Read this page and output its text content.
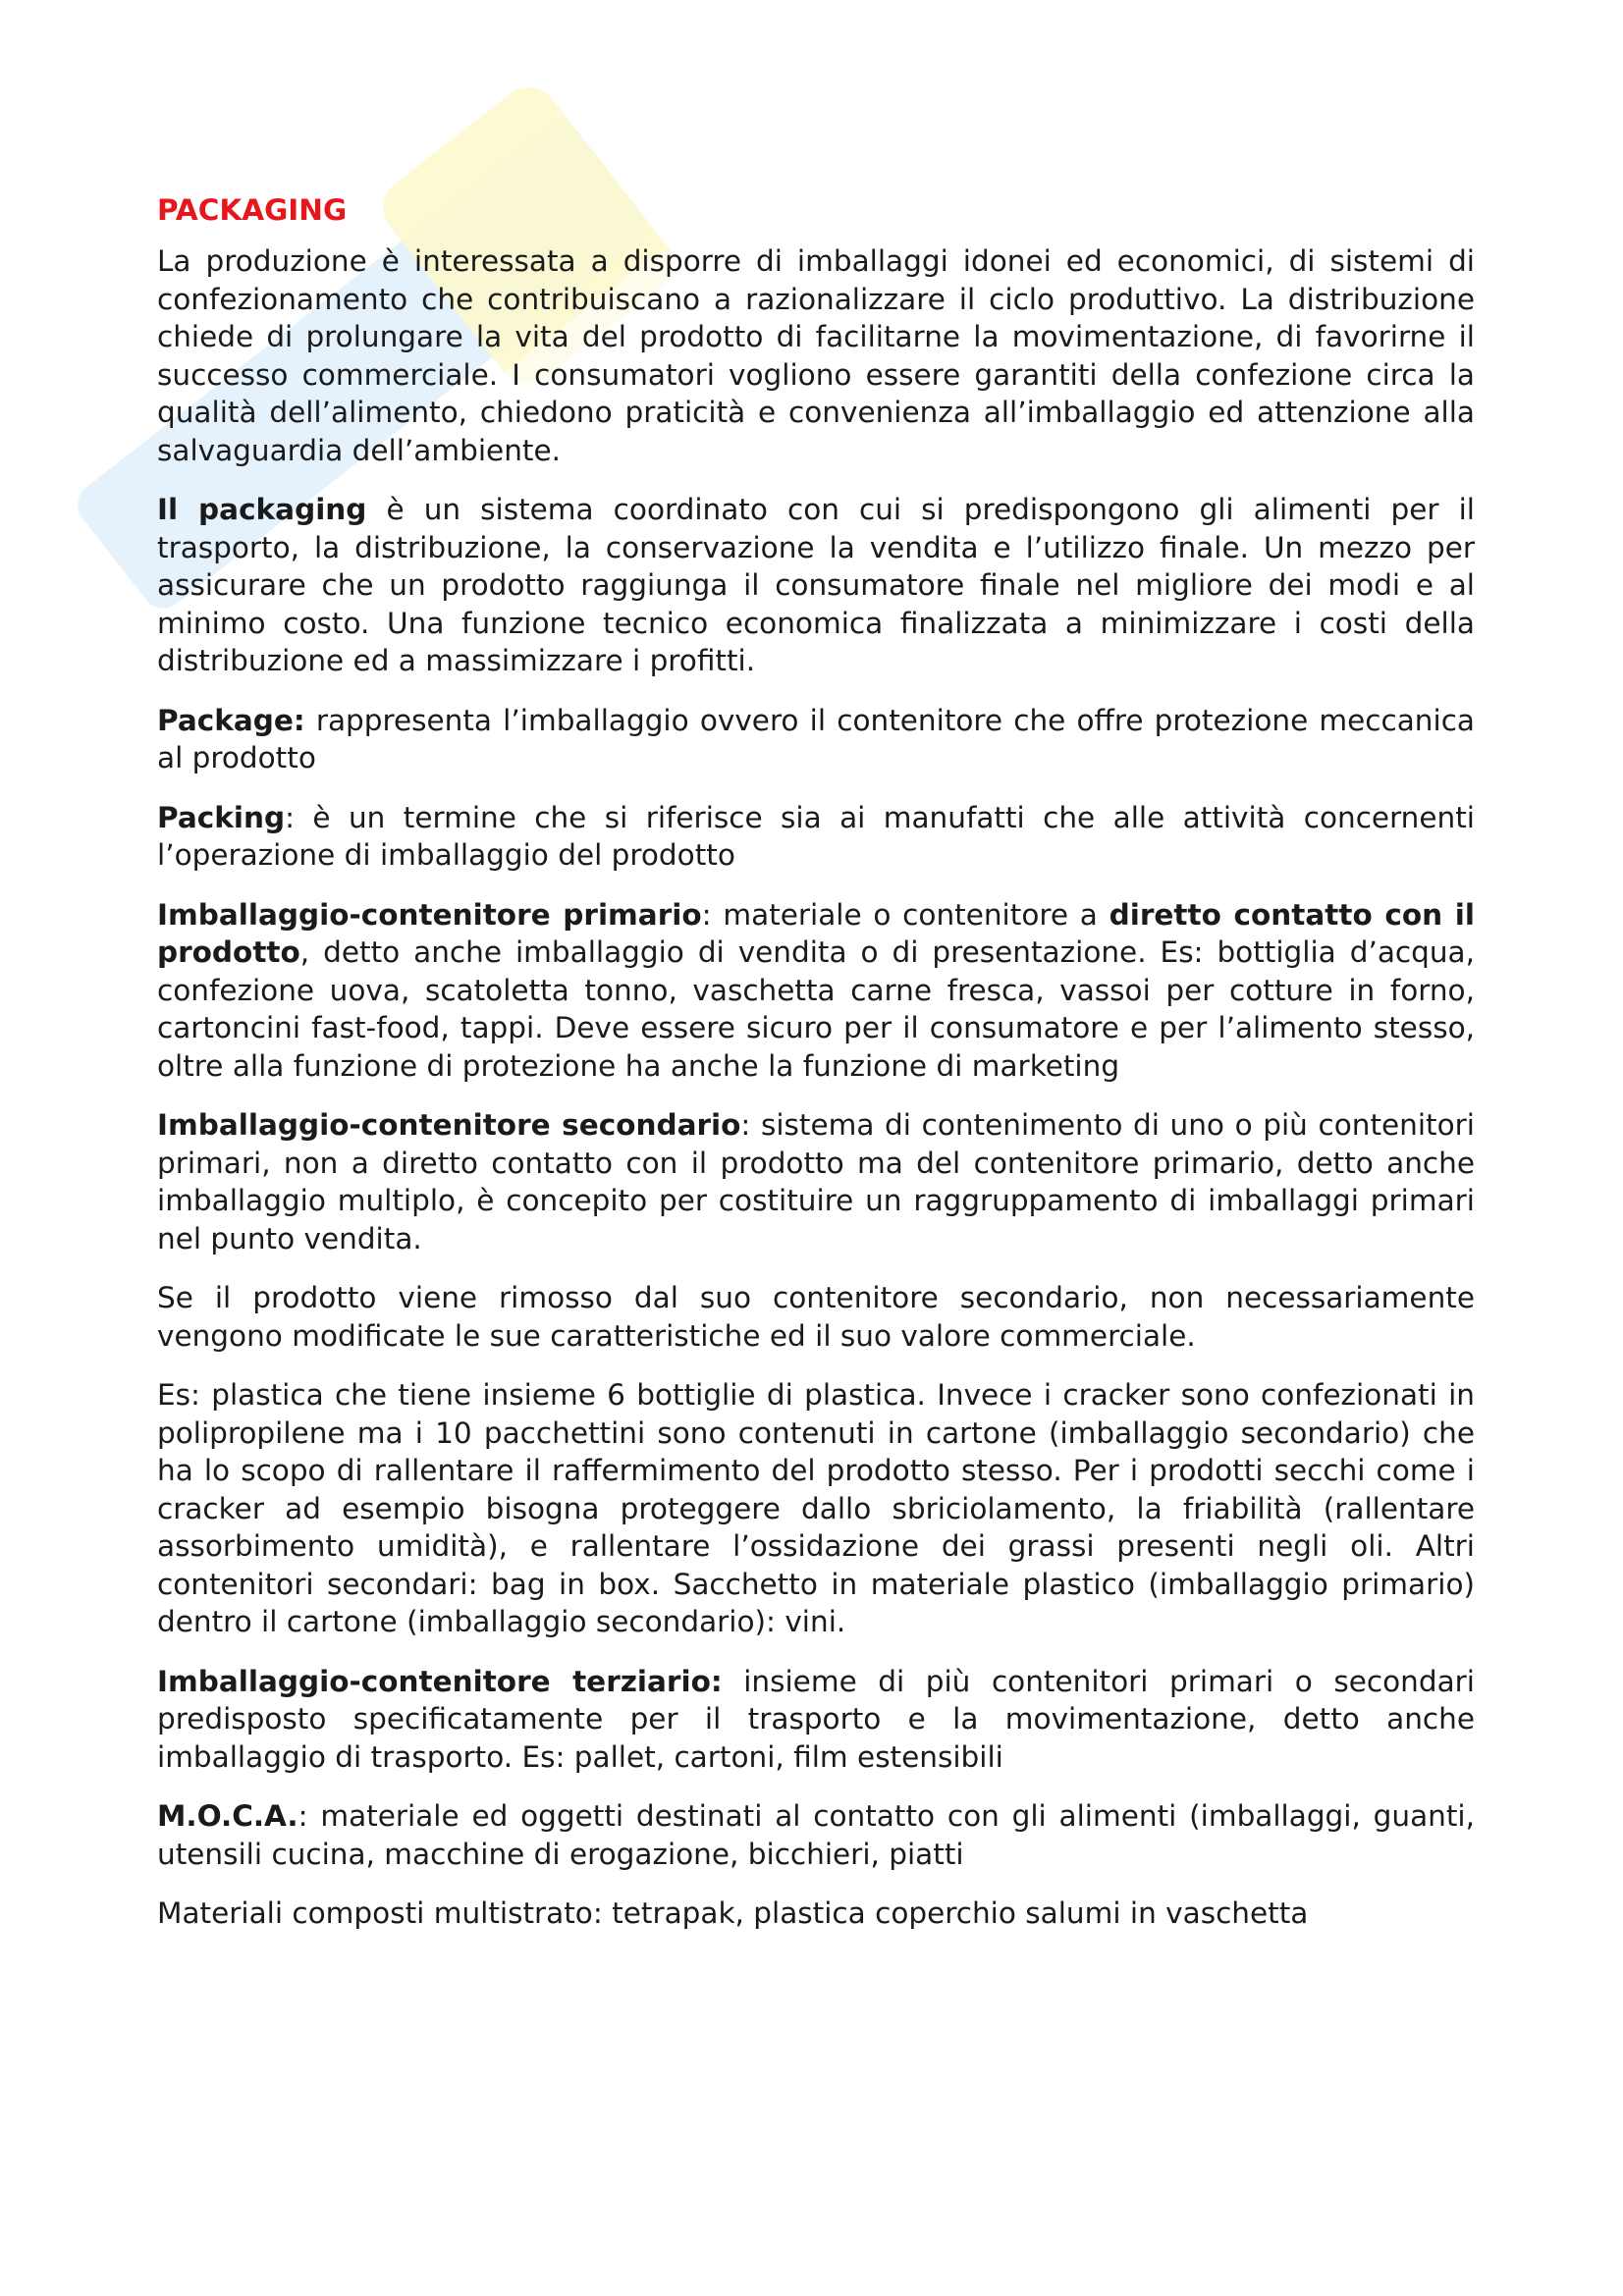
PACKAGING

La produzione è interessata a disporre di imballaggi idonei ed economici, di sistemi di confezionamento che contribuiscano a razionalizzare il ciclo produttivo. La distribuzione chiede di prolungare la vita del prodotto di facilitarne la movimentazione, di favorirne il successo commerciale. I consumatori vogliono essere garantiti della confezione circa la qualità dell’alimento, chiedono praticità e convenienza all’imballaggio ed attenzione alla salvaguardia dell’ambiente.

Il packaging è un sistema coordinato con cui si predispongono gli alimenti per il trasporto, la distribuzione, la conservazione la vendita e l’utilizzo finale. Un mezzo per assicurare che un prodotto raggiunga il consumatore finale nel migliore dei modi e al minimo costo. Una funzione tecnico economica finalizzata a minimizzare i costi della distribuzione ed a massimizzare i profitti.

Package: rappresenta l’imballaggio ovvero il contenitore che offre protezione meccanica al prodotto

Packing: è un termine che si riferisce sia ai manufatti che alle attività concernenti l’operazione di imballaggio del prodotto

Imballaggio-contenitore primario: materiale o contenitore a diretto contatto con il prodotto, detto anche imballaggio di vendita o di presentazione. Es: bottiglia d’acqua, confezione uova, scatoletta tonno, vaschetta carne fresca, vassoi per cotture in forno, cartoncini fast-food, tappi. Deve essere sicuro per il consumatore e per l’alimento stesso, oltre alla funzione di protezione ha anche la funzione di marketing

Imballaggio-contenitore secondario: sistema di contenimento di uno o più contenitori primari, non a diretto contatto con il prodotto ma del contenitore primario, detto anche imballaggio multiplo, è concepito per costituire un raggruppamento di imballaggi primari nel punto vendita.

Se il prodotto viene rimosso dal suo contenitore secondario, non necessariamente vengono modificate le sue caratteristiche ed il suo valore commerciale.

Es: plastica che tiene insieme 6 bottiglie di plastica. Invece i cracker sono confezionati in polipropilene ma i 10 pacchettini sono contenuti in cartone (imballaggio secondario) che ha lo scopo di rallentare il raffermimento del prodotto stesso. Per i prodotti secchi come i cracker ad esempio bisogna proteggere dallo sbriciolamento, la friabilità (rallentare assorbimento umidità), e rallentare l’ossidazione dei grassi presenti negli oli. Altri contenitori secondari: bag in box. Sacchetto in materiale plastico (imballaggio primario) dentro il cartone (imballaggio secondario): vini.

Imballaggio-contenitore terziario: insieme di più contenitori primari o secondari predisposto specificatamente per il trasporto e la movimentazione, detto anche imballaggio di trasporto. Es: pallet, cartoni, film estensibili

M.O.C.A.: materiale ed oggetti destinati al contatto con gli alimenti (imballaggi, guanti, utensili cucina, macchine di erogazione, bicchieri, piatti

Materiali composti multistrato: tetrapak, plastica coperchio salumi in vaschetta
